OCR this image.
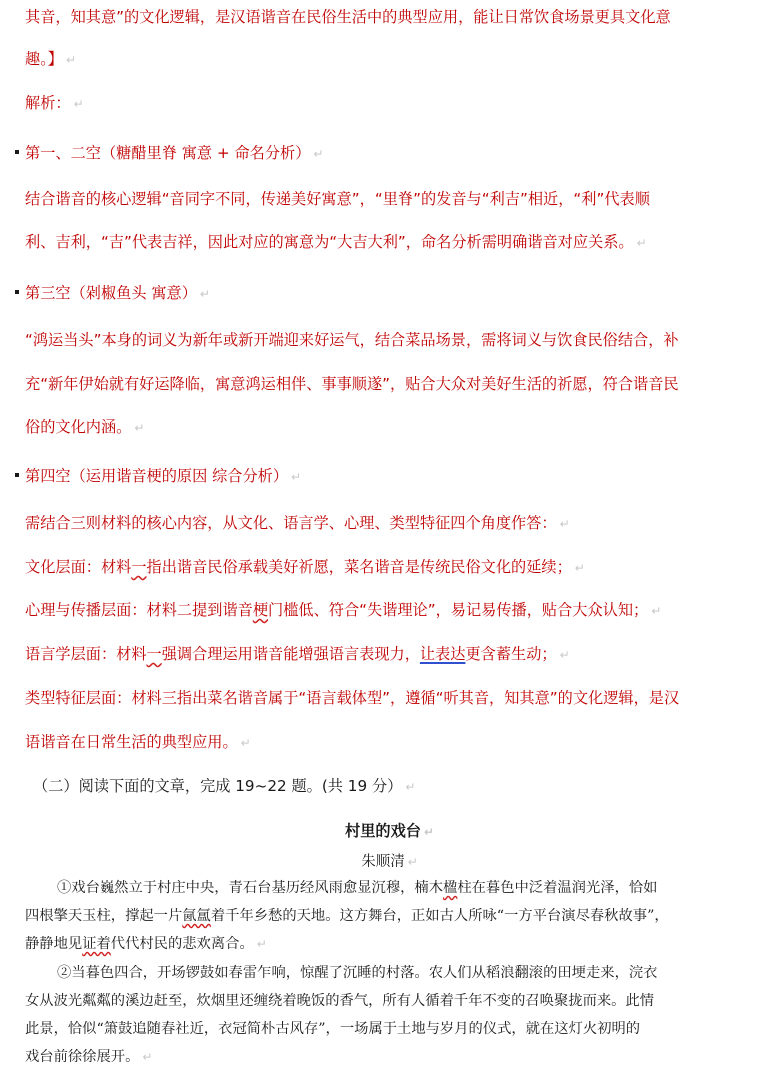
其音，知其意”的文化逻辑，是汉语谐音在民俗生活中的典型应用，能让日常饮食场景更具文化意
趣。】 ↵
解析： ↵
第一、二空（糖醋里脊 寓意 + 命名分析） ↵
结合谐音的核心逻辑“音同字不同，传递美好寓意”，“里脊”的发音与“利吉”相近，“利”代表顺
利、吉利，“吉”代表吉祥，因此对应的寓意为“大吉大利”，命名分析需明确谐音对应关系。 ↵
第三空（剁椒鱼头 寓意） ↵
“鸿运当头”本身的词义为新年或新开端迎来好运气，结合菜品场景，需将词义与饮食民俗结合，补
充“新年伊始就有好运降临，寓意鸿运相伴、事事顺遂”，贴合大众对美好生活的祈愿，符合谐音民
俗的文化内涵。 ↵
第四空（运用谐音梗的原因 综合分析） ↵
需结合三则材料的核心内容，从文化、语言学、心理、类型特征四个角度作答： ↵
文化层面：材料一指出谐音民俗承载美好祈愿，菜名谐音是传统民俗文化的延续； ↵
心理与传播层面：材料二提到谐音梗门槛低、符合“失谐理论”，易记易传播，贴合大众认知； ↵
语言学层面：材料一强调合理运用谐音能增强语言表现力，让表达更含蓄生动； ↵
类型特征层面：材料三指出菜名谐音属于“语言载体型”，遵循“听其音，知其意”的文化逻辑，是汉
语谐音在日常生活的典型应用。 ↵
（二）阅读下面的文章，完成 19~22 题。(共 19 分） ↵
村里的戏台 ↵
朱顺清 ↵
①戏台巍然立于村庄中央，青石台基历经风雨愈显沉穆，楠木楹柱在暮色中泛着温润光泽，恰如
四根擎天玉柱，撑起一片氤氲着千年乡愁的天地。这方舞台，正如古人所咏“一方平台演尽春秋故事”，
静静地见证着代代村民的悲欢离合。 ↵
②当暮色四合，开场锣鼓如春雷乍响，惊醒了沉睡的村落。农人们从稻浪翻滚的田埂走来，浣衣
女从波光粼粼的溪边赶至，炊烟里还缠绕着晚饭的香气，所有人循着千年不变的召唤聚拢而来。此情
此景，恰似“箫鼓追随春社近，衣冠简朴古风存”，一场属于土地与岁月的仪式，就在这灯火初明的
戏台前徐徐展开。 ↵
